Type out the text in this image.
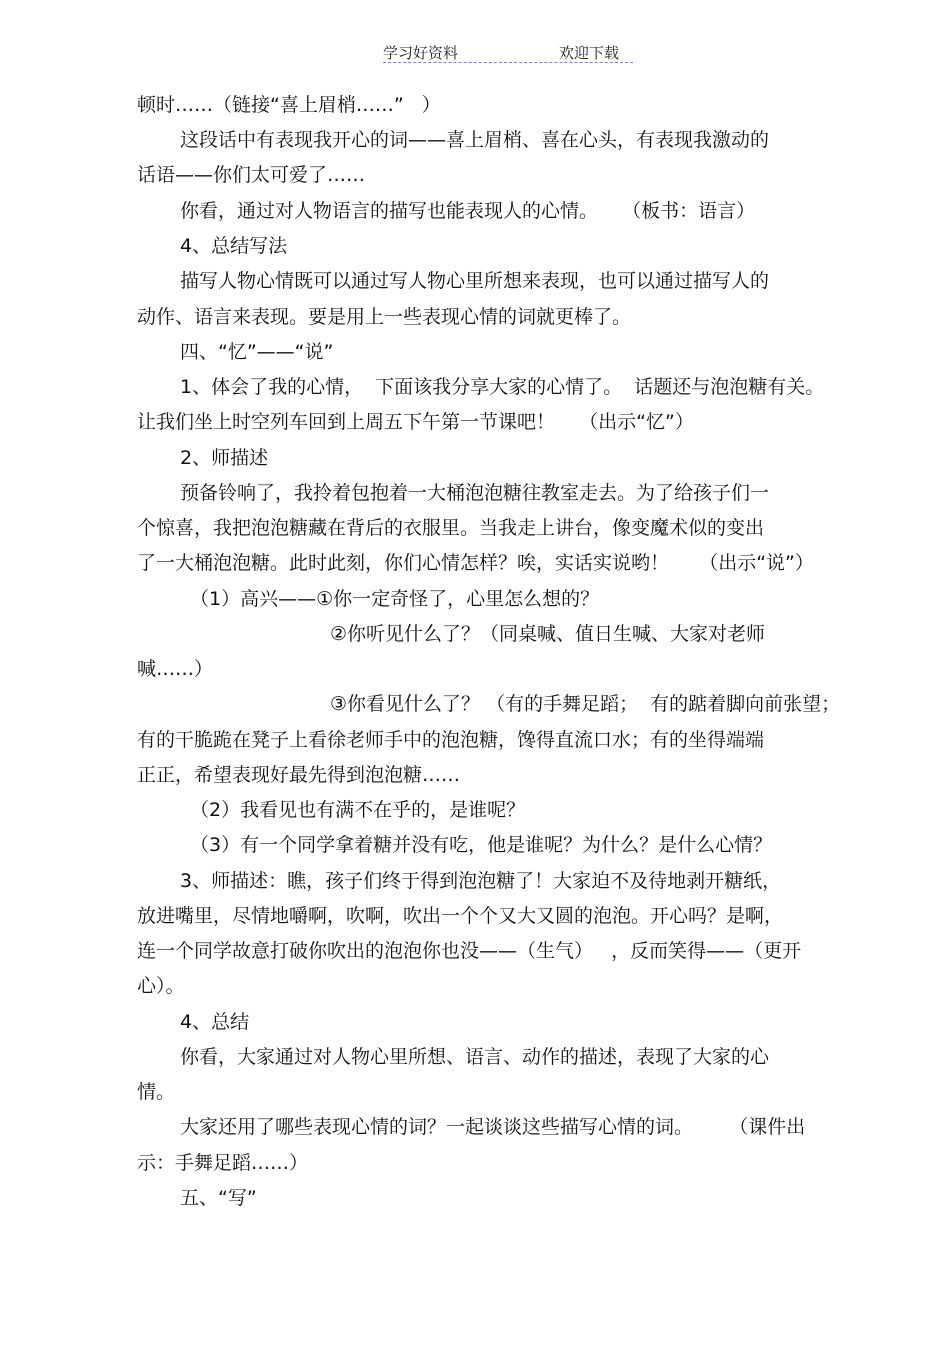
学习好资料	欢迎下载
顿时……（链接“喜上眉梢……”   ）
这段话中有表现我开心的词——喜上眉梢、喜在心头，有表现我激动的
话语——你们太可爱了……
你看，通过对人物语言的描写也能表现人的心情。    （板书：语言）
4、总结写法
描写人物心情既可以通过写人物心里所想来表现，也可以通过描写人的
动作、语言来表现。要是用上一些表现心情的词就更棒了。
四、“忆”——“说”
1、体会了我的心情，  下面该我分享大家的心情了。  话题还与泡泡糖有关。
让我们坐上时空列车回到上周五下午第一节课吧！    （出示“忆”）
2、师描述
预备铃响了，我拎着包抱着一大桶泡泡糖往教室走去。为了给孩子们一
个惊喜，我把泡泡糖藏在背后的衣服里。当我走上讲台，像变魔术似的变出
了一大桶泡泡糖。此时此刻，你们心情怎样？唉，实话实说哟！     （出示“说”）
（1）高兴——①你一定奇怪了，心里怎么想的？
②你听见什么了？（同桌喊、值日生喊、大家对老师
喊……）
③你看见什么了？ （有的手舞足蹈；  有的踮着脚向前张望；
有的干脆跪在凳子上看徐老师手中的泡泡糖，馋得直流口水；有的坐得端端
正正，希望表现好最先得到泡泡糖……
（2）我看见也有满不在乎的，是谁呢？
（3）有一个同学拿着糖并没有吃，他是谁呢？为什么？是什么心情？
3、师描述：瞧，孩子们终于得到泡泡糖了！大家迫不及待地剥开糖纸，
放进嘴里，尽情地嚼啊，吹啊，吹出一个个又大又圆的泡泡。开心吗？是啊，
连一个同学故意打破你吹出的泡泡你也没——（生气）   ，反而笑得——（更开
心）。
4、总结
你看，大家通过对人物心里所想、语言、动作的描述，表现了大家的心
情。
大家还用了哪些表现心情的词？一起谈谈这些描写心情的词。      （课件出
示：手舞足蹈……）
五、“写”
